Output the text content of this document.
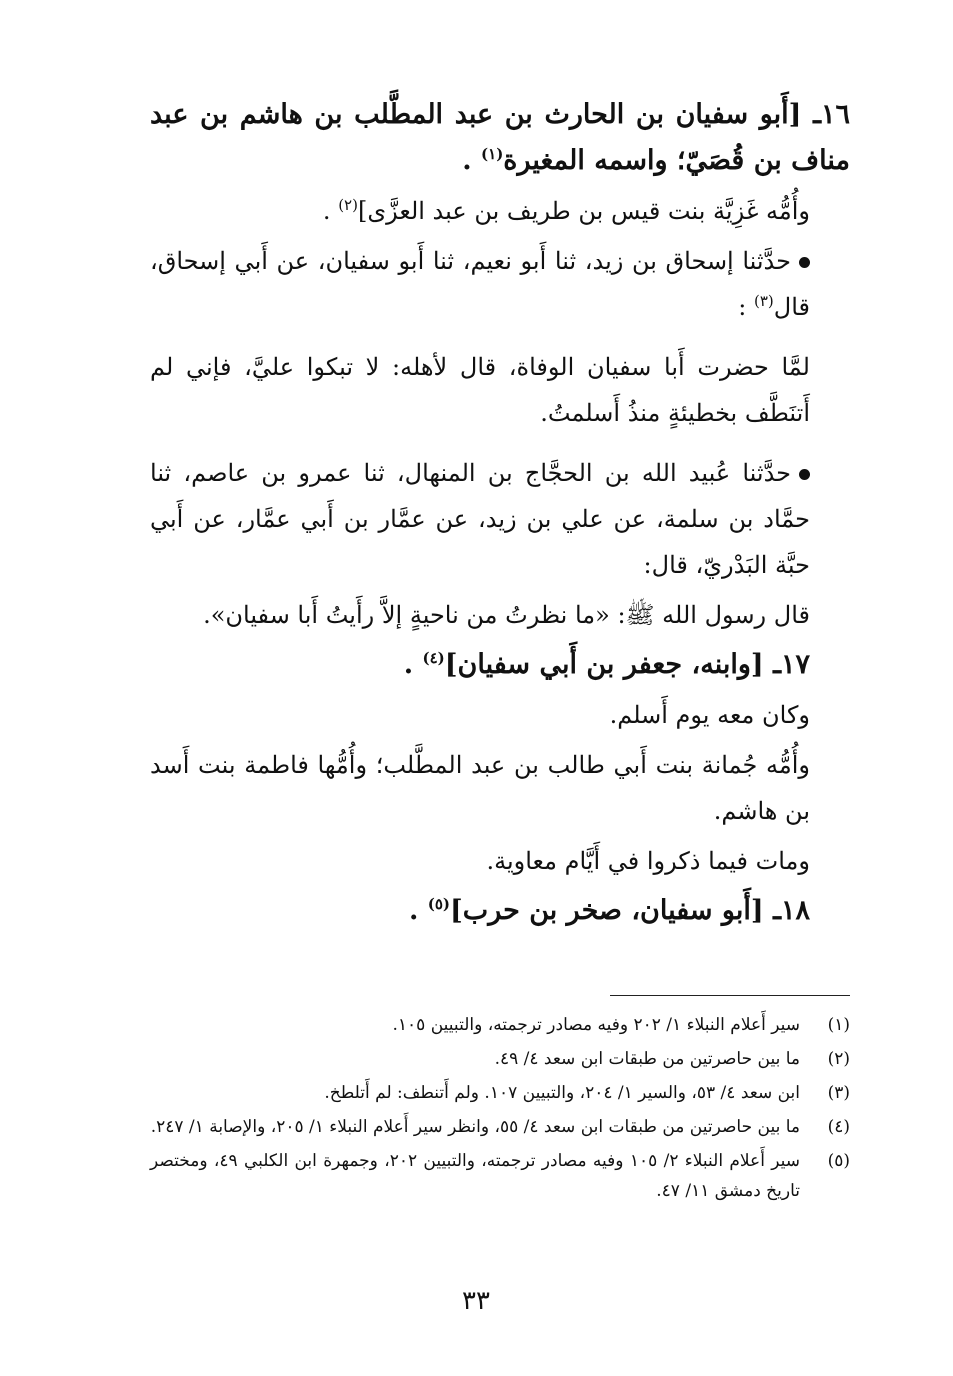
١٦ـ [أَبو سفيان بن الحارث بن عبد المطَّلب بن هاشم بن عبد مناف بن قُصَيّ؛ واسمه المغيرة$^{(١)}$ .

وأُمُّه غَزِيَّة بنت قيس بن طريف بن عبد العزَّى]$^{(٢)}$ .

حدَّثنا إسحاق بن زيد، ثنا أَبو نعيم، ثنا أَبو سفيان، عن أَبي إسحاق، قال$^{(٣)}$ :

لمَّا حضرت أَبا سفيان الوفاة، قال لأهله: لا تبكوا عليَّ، فإني لم أَتنَطَّف بخطيئةٍ منذُ أَسلمتُ.

حدَّثنا عُبيد الله بن الحجَّاج بن المنهال، ثنا عمرو بن عاصم، ثنا حمَّاد بن سلمة، عن علي بن زيد، عن عمَّار بن أَبي عمَّار، عن أَبي حبَّة البَدْريّ، قال:

قال رسول الله ﷺ: «ما نظرتُ من ناحيةٍ إلاَّ رأَيتُ أَبا سفيان».

١٧ـ [وابنه، جعفر بن أَبي سفيان]$^{(٤)}$ .

وكان معه يوم أَسلم.

وأُمُّه جُمانة بنت أَبي طالب بن عبد المطَّلب؛ وأُمُّها فاطمة بنت أَسد بن هاشم.

ومات فيما ذكروا في أَيَّام معاوية.

١٨ـ [أَبو سفيان، صخر بن حرب]$^{(٥)}$ .

(١)
سير أَعلام النبلاء ١/ ٢٠٢ وفيه مصادر ترجمته، والتبيين ١٠٥.
(٢)
ما بين حاصرتين من طبقات ابن سعد ٤/ ٤٩.
(٣)
ابن سعد ٤/ ٥٣، والسير ١/ ٢٠٤، والتبيين ١٠٧. ولم أَتنطف: لم أَتلطخ.
(٤)
ما بين حاصرتين من طبقات ابن سعد ٤/ ٥٥، وانظر سير أَعلام النبلاء ١/ ٢٠٥، والإصابة ١/ ٢٤٧.
(٥)
سير أَعلام النبلاء ٢/ ١٠٥ وفيه مصادر ترجمته، والتبيين ٢٠٢، وجمهرة ابن الكلبي ٤٩، ومختصر تاريخ دمشق ١١/ ٤٧.
٣٣
